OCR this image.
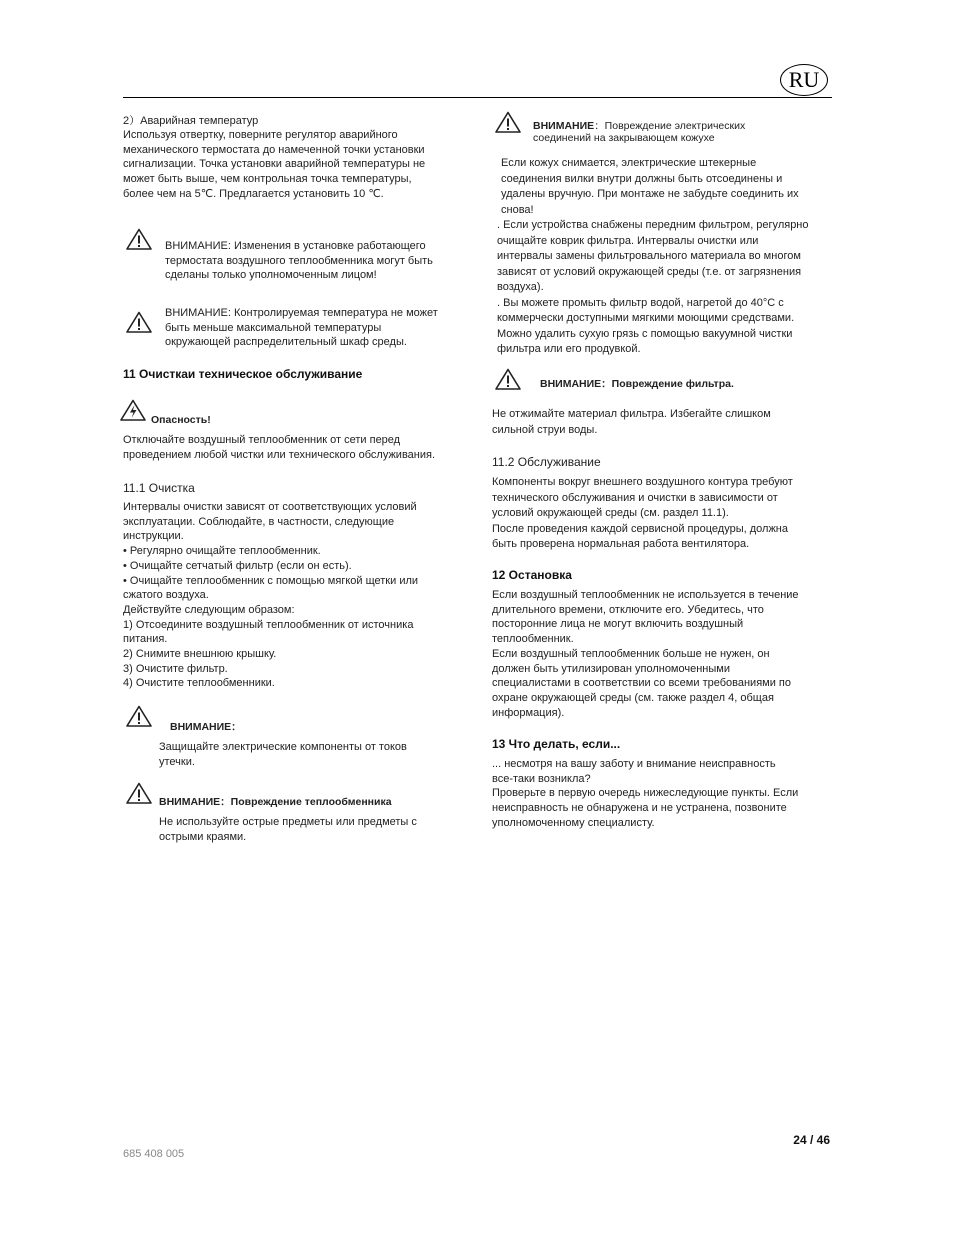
RU

2）Аварийная температур

Используя отвертку, поверните регулятор аварийного
механического термостата до намеченной точки установки
сигнализации. Точка установки аварийной температуры не
может быть выше, чем контрольная точка температуры,
более чем на 5℃. Предлагается установить 10 ℃.

ВНИМАНИЕ: Изменения в установке работающего
термостата воздушного теплообменника могут быть
сделаны только уполномоченным лицом!

ВНИМАНИЕ: Контролируемая температура не может
быть меньше максимальной температуры
окружающей распределительный шкаф среды.

11 Очисткаи техническое обслуживание

Опасность!

Отключайте воздушный теплообменник от сети перед
проведением любой чистки или технического обслуживания.

11.1 Очистка

Интервалы очистки зависят от соответствующих условий
эксплуатации. Соблюдайте, в частности, следующие
инструкции.
• Регулярно очищайте теплообменник.
• Очищайте сетчатый фильтр (если он есть).
• Очищайте теплообменник с помощью мягкой щетки или
сжатого воздуха.
Действуйте следующим образом:
1) Отсоедините воздушный теплообменник от источника
питания.
2) Снимите внешнюю крышку.
3) Очистите фильтр.
4) Очистите теплообменники.

ВНИМАНИЕ：

Защищайте электрические компоненты от токов
утечки.

ВНИМАНИЕ：Повреждение теплообменника

Не используйте острые предметы или предметы с
острыми краями.

ВНИМАНИЕ：Повреждение электрических
соединений на закрывающем кожухе

Если кожух снимается, электрические штекерные
соединения вилки внутри должны быть отсоединены и
удалены вручную. При монтаже не забудьте соединить их
снова!

. Если устройства снабжены передним фильтром, регулярно
очищайте коврик фильтра. Интервалы очистки или
интервалы замены фильтровального материала во многом
зависят от условий окружающей среды (т.е. от загрязнения
воздуха).
. Вы можете промыть фильтр водой, нагретой до 40°C с
коммерчески доступными мягкими моющими средствами.
Можно удалить сухую грязь с помощью вакуумной чистки
фильтра или его продувкой.

ВНИМАНИЕ：Повреждение фильтра.

Не отжимайте материал фильтра. Избегайте слишком
сильной струи воды.

11.2 Обслуживание

Компоненты вокруг внешнего воздушного контура требуют
технического обслуживания и очистки в зависимости от
условий окружающей среды (см. раздел 11.1).
После проведения каждой сервисной процедуры, должна
быть проверена нормальная работа вентилятора.

12 Остановка

Если воздушный теплообменник не используется в течение
длительного времени, отключите его. Убедитесь, что
посторонние лица не могут включить воздушный
теплообменник.
Если воздушный теплообменник больше не нужен, он
должен быть утилизирован уполномоченными
специалистами в соответствии со всеми требованиями по
охране окружающей среды (см. также раздел 4, общая
информация).

13 Что делать, если...

... несмотря на вашу заботу и внимание неисправность
все-таки возникла?
Проверьте в первую очередь нижеследующие пункты. Если
неисправность не обнаружена и не устранена, позвоните
уполномоченному специалисту.

24 / 46
685 408 005
